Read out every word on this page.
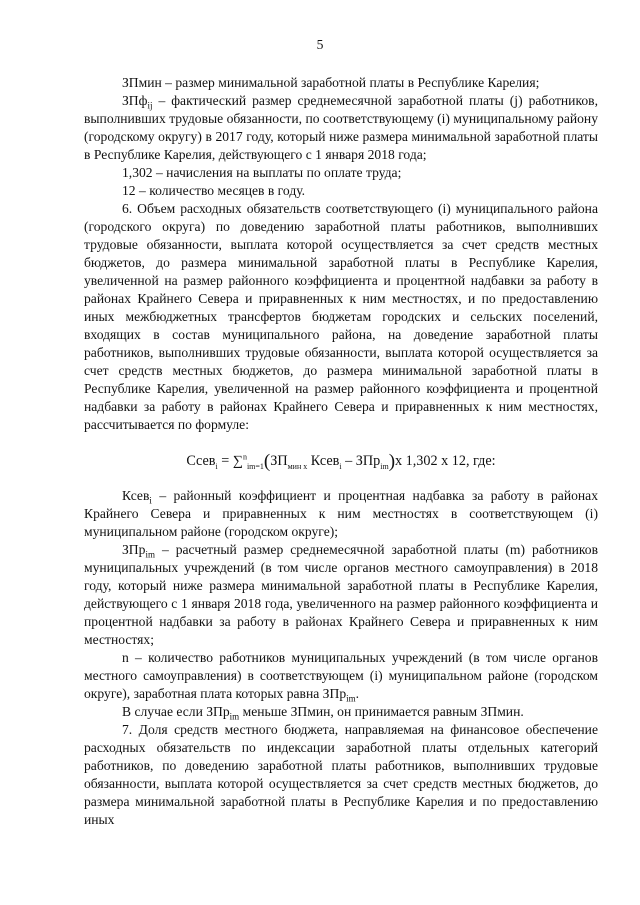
5

ЗПмин – размер минимальной заработной платы в Республике Карелия;

ЗПф$_{ij}$ – фактический размер среднемесячной заработной платы (j) работников, выполнивших трудовые обязанности, по соответствующему (i) муниципальному району (городскому округу) в 2017 году, который ниже размера минимальной заработной платы в Республике Карелия, действующего с 1 января 2018 года;

1,302 – начисления на выплаты по оплате труда;

12 – количество месяцев в году.

6. Объем расходных обязательств соответствующего (i) муниципального района (городского округа) по доведению заработной платы работников, выполнивших трудовые обязанности, выплата которой осуществляется за счет средств местных бюджетов, до размера минимальной заработной платы в Республике Карелия, увеличенной на размер районного коэффициента и процентной надбавки за работу в районах Крайнего Севера и приравненных к ним местностях, и по предоставлению иных межбюджетных трансфертов бюджетам городских и сельских поселений, входящих в состав муниципального района, на доведение заработной платы работников, выполнивших трудовые обязанности, выплата которой осуществляется за счет средств местных бюджетов, до размера минимальной заработной платы в Республике Карелия, увеличенной на размер районного коэффициента и процентной надбавки за работу в районах Крайнего Севера и приравненных к ним местностях, рассчитывается по формуле:

Ссев$_i$ = $\sum^n_{im=1}(ЗП_{мин х}$ Ксев$_i$ – ЗПр$_{im}$)х 1,302 х 12, где:

Ксев$_i$ – районный коэффициент и процентная надбавка за работу в районах Крайнего Севера и приравненных к ним местностях в соответствующем (i) муниципальном районе (городском округе);

ЗПр$_{im}$ – расчетный размер среднемесячной заработной платы (m) работников муниципальных учреждений (в том числе органов местного самоуправления) в 2018 году, который ниже размера минимальной заработной платы в Республике Карелия, действующего с 1 января 2018 года, увеличенного на размер районного коэффициента и процентной надбавки за работу в районах Крайнего Севера и приравненных к ним местностях;

n – количество работников муниципальных учреждений (в том числе органов местного самоуправления) в соответствующем (i) муниципальном районе (городском округе), заработная плата которых равна ЗПр$_{im}$.

В случае если ЗПр$_{im}$ меньше ЗПмин, он принимается равным ЗПмин.

7. Доля средств местного бюджета, направляемая на финансовое обеспечение расходных обязательств по индексации заработной платы отдельных категорий работников, по доведению заработной платы работников, выполнивших трудовые обязанности, выплата которой осуществляется за счет средств местных бюджетов, до размера минимальной заработной платы в Республике Карелия и по предоставлению иных
